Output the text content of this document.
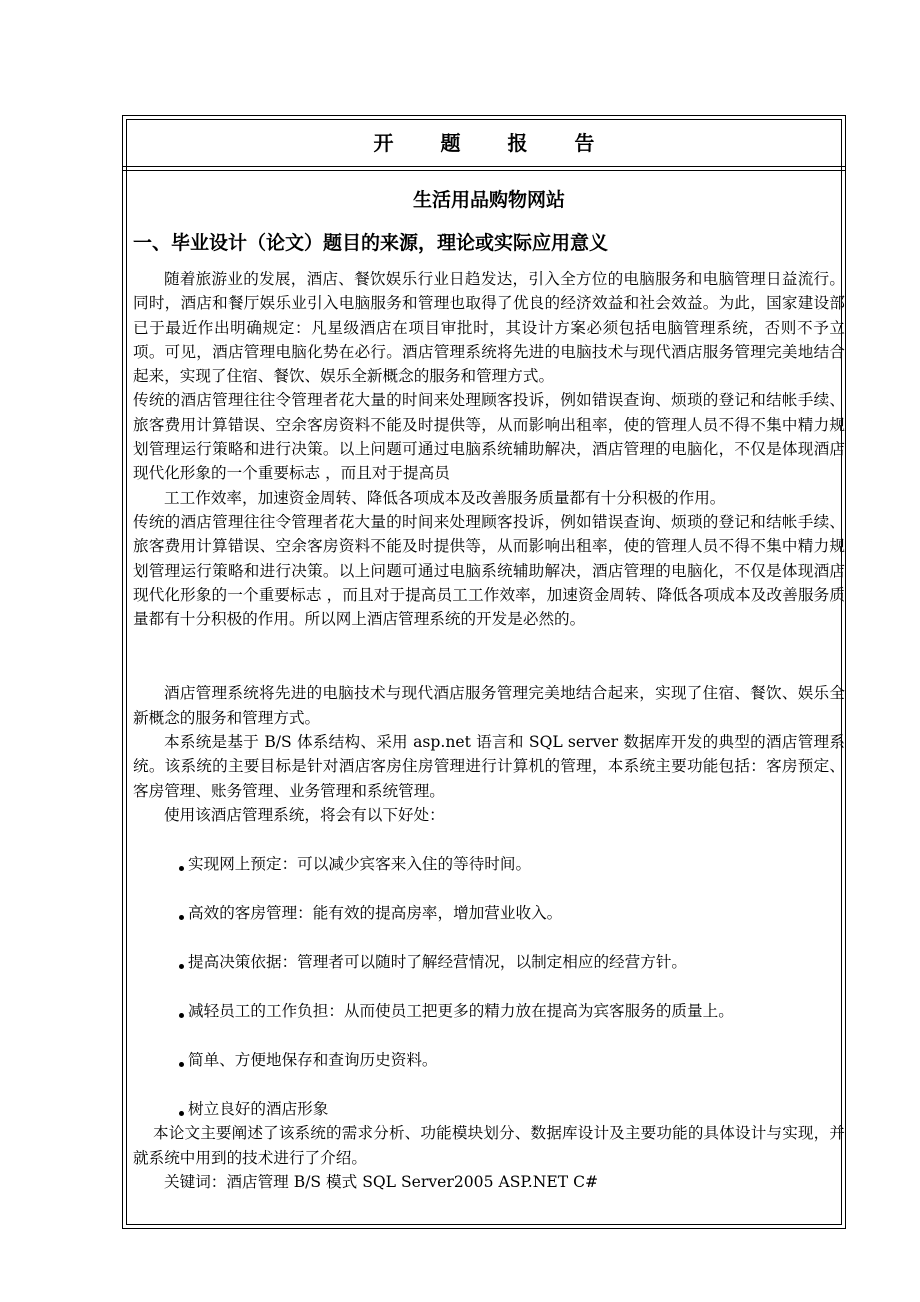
开 题 报 告
生活用品购物网站
一、毕业设计（论文）题目的来源，理论或实际应用意义

随着旅游业的发展，酒店、餐饮娱乐行业日趋发达，引入全方位的电脑服务和电脑管理日益流行。同时，酒店和餐厅娱乐业引入电脑服务和管理也取得了优良的经济效益和社会效益。为此，国家建设部已于最近作出明确规定：凡星级酒店在项目审批时，其设计方案必须包括电脑管理系统，否则不予立项。可见，酒店管理电脑化势在必行。酒店管理系统将先进的电脑技术与现代酒店服务管理完美地结合起来，实现了住宿、餐饮、娱乐全新概念的服务和管理方式。

传统的酒店管理往往令管理者花大量的时间来处理顾客投诉，例如错误查询、烦琐的登记和结帐手续、旅客费用计算错误、空余客房资料不能及时提供等，从而影响出租率，使的管理人员不得不集中精力规划管理运行策略和进行决策。以上问题可通过电脑系统辅助解决，酒店管理的电脑化，不仅是体现酒店现代化形象的一个重要标志 ，而且对于提高员

工工作效率，加速资金周转、降低各项成本及改善服务质量都有十分积极的作用。

传统的酒店管理往往令管理者花大量的时间来处理顾客投诉，例如错误查询、烦琐的登记和结帐手续、旅客费用计算错误、空余客房资料不能及时提供等，从而影响出租率，使的管理人员不得不集中精力规划管理运行策略和进行决策。以上问题可通过电脑系统辅助解决，酒店管理的电脑化，不仅是体现酒店现代化形象的一个重要标志 ，而且对于提高员工工作效率，加速资金周转、降低各项成本及改善服务质量都有十分积极的作用。所以网上酒店管理系统的开发是必然的。

酒店管理系统将先进的电脑技术与现代酒店服务管理完美地结合起来，实现了住宿、餐饮、娱乐全新概念的服务和管理方式。

本系统是基于 B/S 体系结构、采用 asp.net 语言和 SQL server 数据库开发的典型的酒店管理系统。该系统的主要目标是针对酒店客房住房管理进行计算机的管理，本系统主要功能包括：客房预定、客房管理、账务管理、业务管理和系统管理。

使用该酒店管理系统，将会有以下好处：

实现网上预定：可以减少宾客来入住的等待时间。
高效的客房管理：能有效的提高房率，增加营业收入。
提高决策依据：管理者可以随时了解经营情况，以制定相应的经营方针。
减轻员工的工作负担：从而使员工把更多的精力放在提高为宾客服务的质量上。
简单、方便地保存和查询历史资料。
树立良好的酒店形象

本论文主要阐述了该系统的需求分析、功能模块划分、数据库设计及主要功能的具体设计与实现，并就系统中用到的技术进行了介绍。

关键词：酒店管理 B/S 模式 SQL Server2005 ASP.NET C#
